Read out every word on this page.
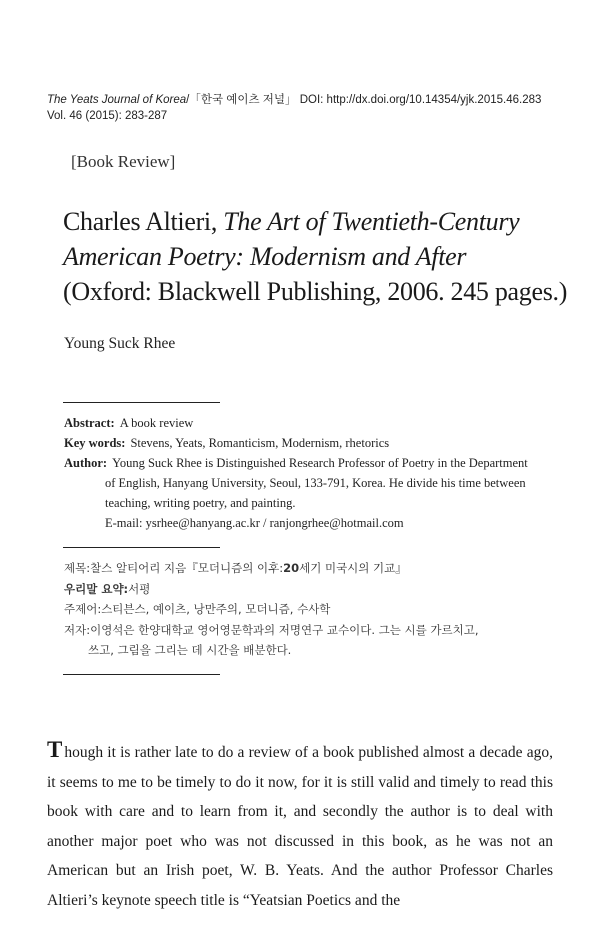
The Yeats Journal of Korea/「한국 예이츠 저널」 DOI: http://dx.doi.org/10.14354/yjk.2015.46.283
Vol. 46 (2015): 283-287
[Book Review]
Charles Altieri, The Art of Twentieth-Century
American Poetry: Modernism and After
(Oxford: Blackwell Publishing, 2006. 245 pages.)
Young Suck Rhee
Abstract: A book review
Key words: Stevens, Yeats, Romanticism, Modernism, rhetorics
Author: Young Suck Rhee is Distinguished Research Professor of Poetry in the Department
of English, Hanyang University, Seoul, 133-791, Korea. He divide his time between
teaching, writing poetry, and painting.
E-mail: ysrhee@hanyang.ac.kr / ranjongrhee@hotmail.com
제목: 찰스 알티어리 지음『모더니즘의 이후: 20 세기 미국시의 기교』
우리말 요약: 서평
주제어: 스티븐스, 예이츠, 낭만주의, 모더니즘, 수사학
저자: 이영석은 한양대학교 영어영문학과의 저명연구 교수이다. 그는 시를 가르치고,
쓰고, 그림을 그리는 데 시간을 배분한다.
T hough it is rather late to do a review of a book published almost a decade ago, it seems to me to be timely to do it now, for it is still valid and timely to read this book with care and to learn from it, and secondly the author is to deal with another major poet who was not discussed in this book, as he was not an American but an Irish poet, W. B. Yeats. And the author Professor Charles Altieri’s keynote speech title is “Yeatsian Poetics and the
